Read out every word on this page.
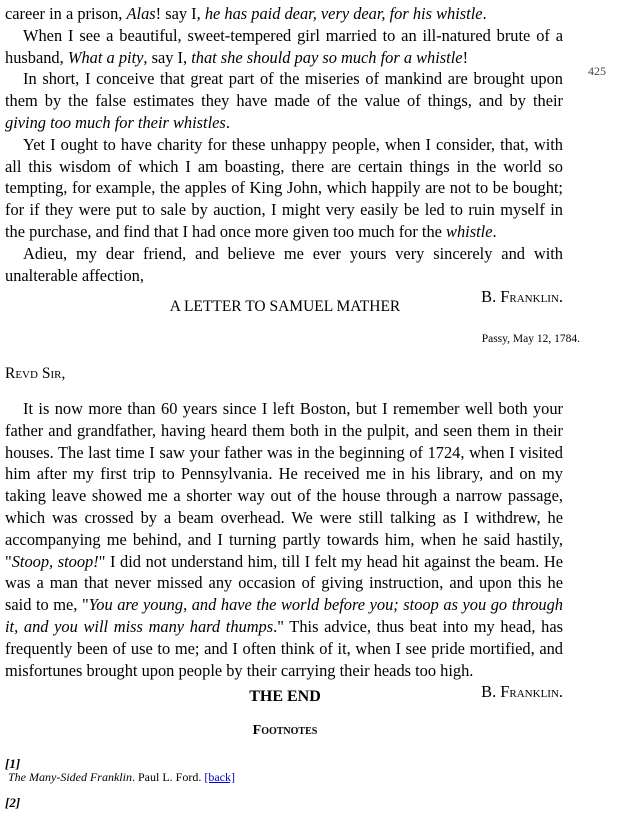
425

career in a prison, Alas! say I, he has paid dear, very dear, for his whistle.

When I see a beautiful, sweet-tempered girl married to an ill-natured brute of a husband, What a pity, say I, that she should pay so much for a whistle!

In short, I conceive that great part of the miseries of mankind are brought upon them by the false estimates they have made of the value of things, and by their giving too much for their whistles.

Yet I ought to have charity for these unhappy people, when I consider, that, with all this wisdom of which I am boasting, there are certain things in the world so tempting, for example, the apples of King John, which happily are not to be bought; for if they were put to sale by auction, I might very easily be led to ruin myself in the purchase, and find that I had once more given too much for the whistle.

Adieu, my dear friend, and believe me ever yours very sincerely and with unalterable affection,

B. Franklin.

A LETTER TO SAMUEL MATHER
Passy, May 12, 1784.
Revd Sir,

It is now more than 60 years since I left Boston, but I remember well both your father and grandfather, having heard them both in the pulpit, and seen them in their houses. The last time I saw your father was in the beginning of 1724, when I visited him after my first trip to Pennsylvania. He received me in his library, and on my taking leave showed me a shorter way out of the house through a narrow passage, which was crossed by a beam overhead. We were still talking as I withdrew, he accompanying me behind, and I turning partly towards him, when he said hastily, "Stoop, stoop!" I did not understand him, till I felt my head hit against the beam. He was a man that never missed any occasion of giving instruction, and upon this he said to me, "You are young, and have the world before you; stoop as you go through it, and you will miss many hard thumps." This advice, thus beat into my head, has frequently been of use to me; and I often think of it, when I see pride mortified, and misfortunes brought upon people by their carrying their heads too high.

B. Franklin.

THE END
Footnotes
[1]
The Many-Sided Franklin. Paul L. Ford. [back]
[2]
